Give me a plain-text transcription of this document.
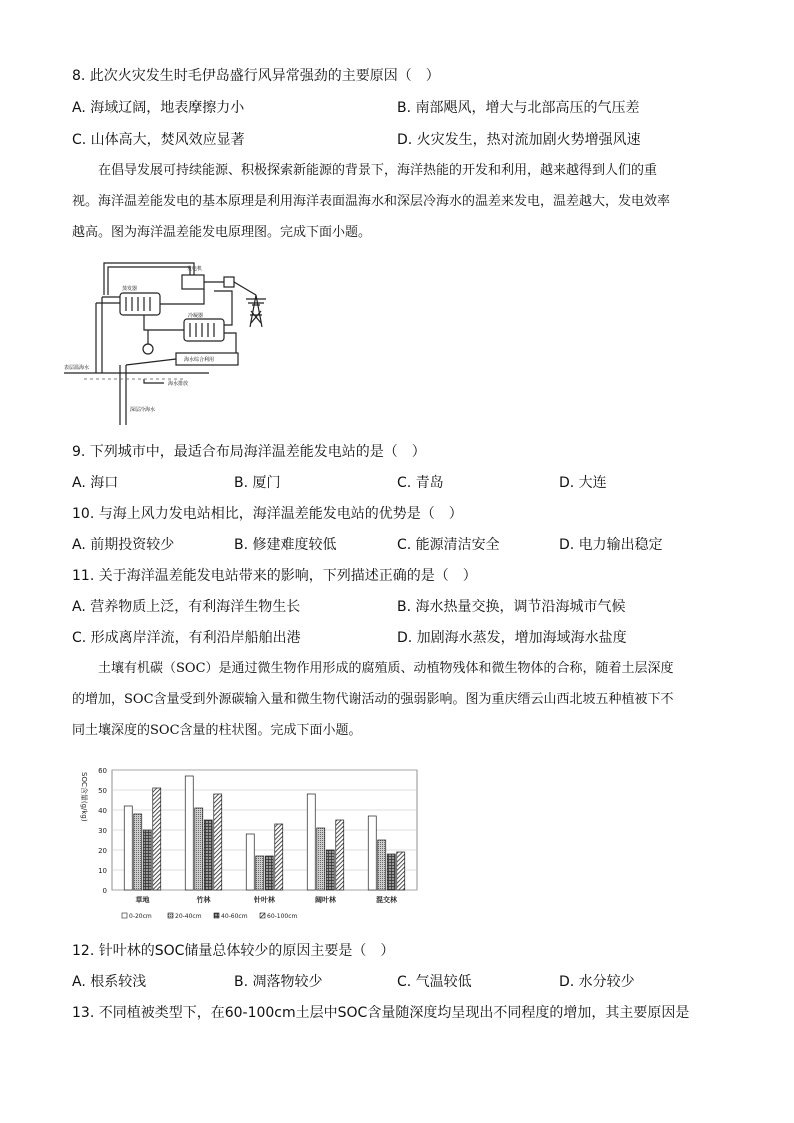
8. 此次火灾发生时毛伊岛盛行风异常强劲的主要原因（　）
A. 海域辽阔，地表摩擦力小	B. 南部飓风，增大与北部高压的气压差
C. 山体高大，焚风效应显著	D. 火灾发生，热对流加剧火势增强风速
在倡导发展可持续能源、积极探索新能源的背景下，海洋热能的开发和利用，越来越得到人们的重
视。海洋温差能发电的基本原理是利用海洋表面温海水和深层冷海水的温差来发电，温差越大，发电效率
越高。图为海洋温差能发电原理图。完成下面小题。
发电机
蒸发器
冷凝器
表层温海水
深层冷海水
海水综合利用
海水排放
9. 下列城市中，最适合布局海洋温差能发电站的是（　）
A. 海口	B. 厦门	C. 青岛	D. 大连
10. 与海上风力发电站相比，海洋温差能发电站的优势是（　）
A. 前期投资较少	B. 修建难度较低	C. 能源清洁安全	D. 电力输出稳定
11. 关于海洋温差能发电站带来的影响，下列描述正确的是（　）
A. 营养物质上泛，有利海洋生物生长	B. 海水热量交换，调节沿海城市气候
C. 形成离岸洋流，有利沿岸船舶出港	D. 加剧海水蒸发，增加海域海水盐度
土壤有机碳（SOC）是通过微生物作用形成的腐殖质、动植物残体和微生物体的合称，随着土层深度
的增加，SOC含量受到外源碳输入量和微生物代谢活动的强弱影响。图为重庆缙云山西北坡五种植被下不
同土壤深度的SOC含量的柱状图。完成下面小题。
0
10
20
30
40
50
60
SOC含量(g/kg)
草地	竹林	针叶林	阔叶林	混交林
0-20cm	20-40cm	40-60cm	60-100cm
12. 针叶林的SOC储量总体较少的原因主要是（　）
A. 根系较浅	B. 凋落物较少	C. 气温较低	D. 水分较少
13. 不同植被类型下，在60-100cm土层中SOC含量随深度均呈现出不同程度的增加，其主要原因是
